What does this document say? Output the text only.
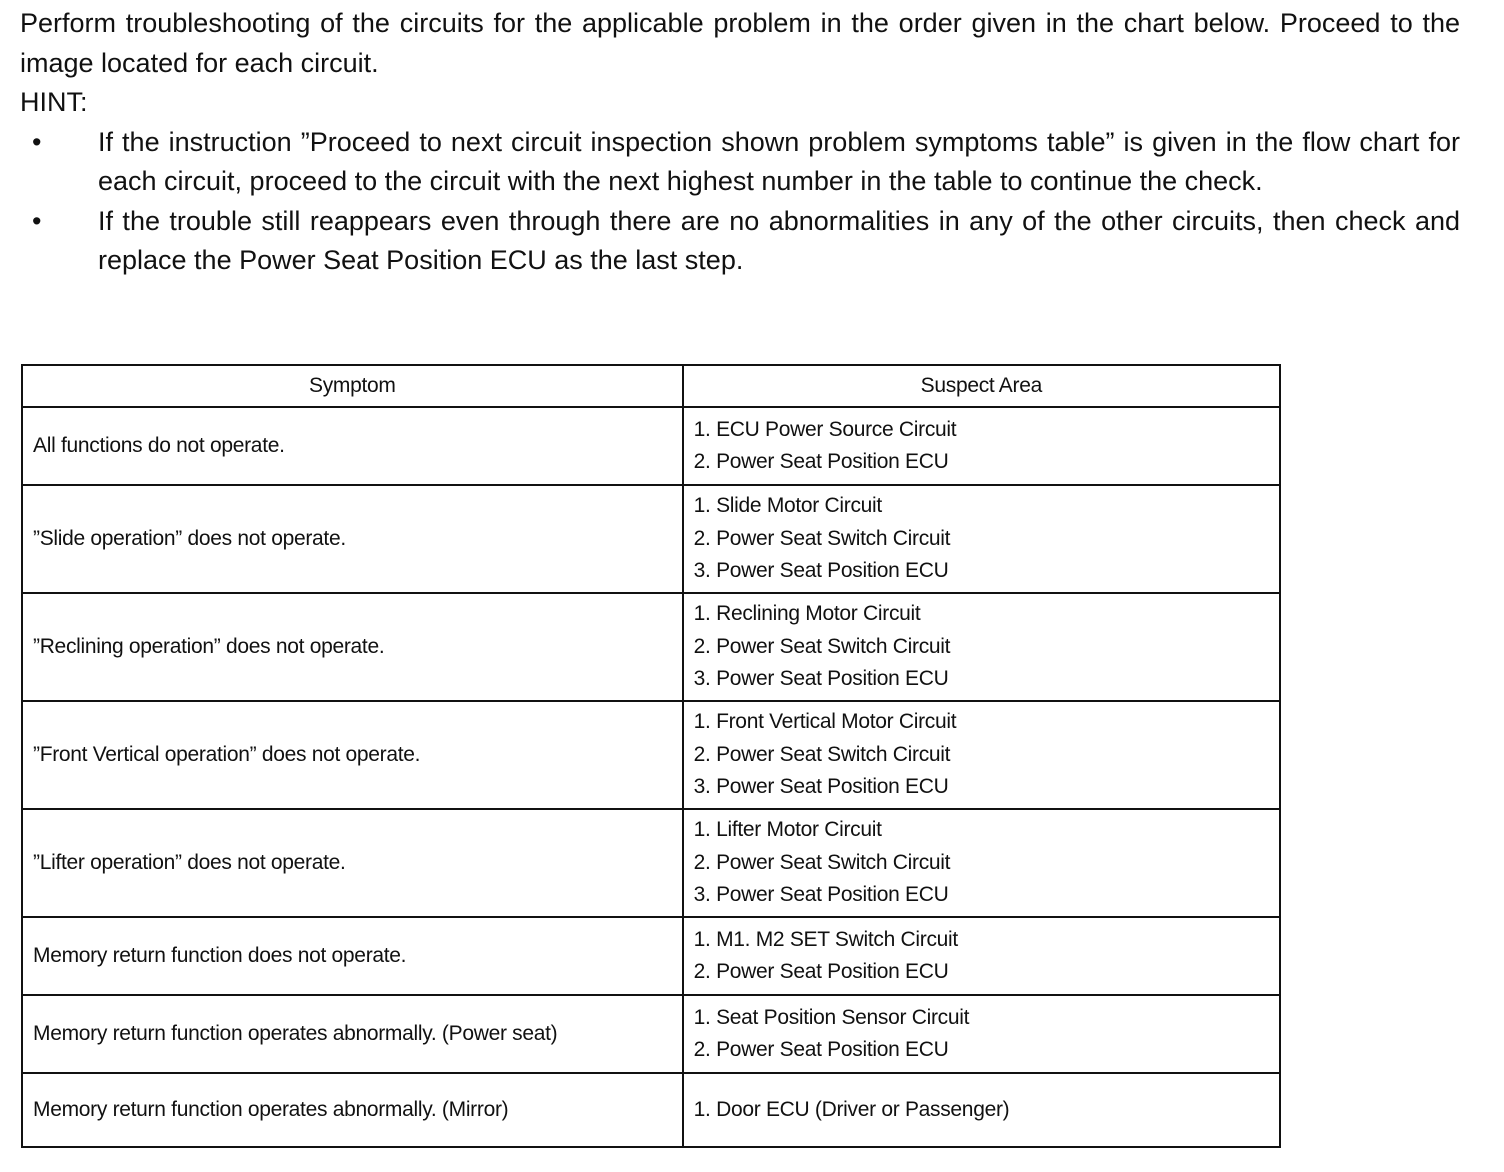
Perform troubleshooting of the circuits for the applicable problem in the order given in the chart below. Proceed to the image located for each circuit.

HINT:
• If the instruction ”Proceed to next circuit inspection shown problem symptoms table” is given in the flow chart for each circuit, proceed to the circuit with the next highest number in the table to continue the check.
• If the trouble still reappears even through there are no abnormalities in any of the other circuits, then check and replace the Power Seat Position ECU as the last step.
Symptom	Suspect Area
All functions do not operate.	1. ECU Power Source Circuit
2. Power Seat Position ECU

”Slide operation” does not operate.	1. Slide Motor Circuit
2. Power Seat Switch Circuit
3. Power Seat Position ECU

”Reclining operation” does not operate.	1. Reclining Motor Circuit
2. Power Seat Switch Circuit
3. Power Seat Position ECU

”Front Vertical operation” does not operate.	1. Front Vertical Motor Circuit
2. Power Seat Switch Circuit
3. Power Seat Position ECU

”Lifter operation” does not operate.	1. Lifter Motor Circuit
2. Power Seat Switch Circuit
3. Power Seat Position ECU

Memory return function does not operate.	1. M1. M2 SET Switch Circuit
2. Power Seat Position ECU

Memory return function operates abnormally. (Power seat)	1. Seat Position Sensor Circuit
2. Power Seat Position ECU

Memory return function operates abnormally. (Mirror)	1. Door ECU (Driver or Passenger)
